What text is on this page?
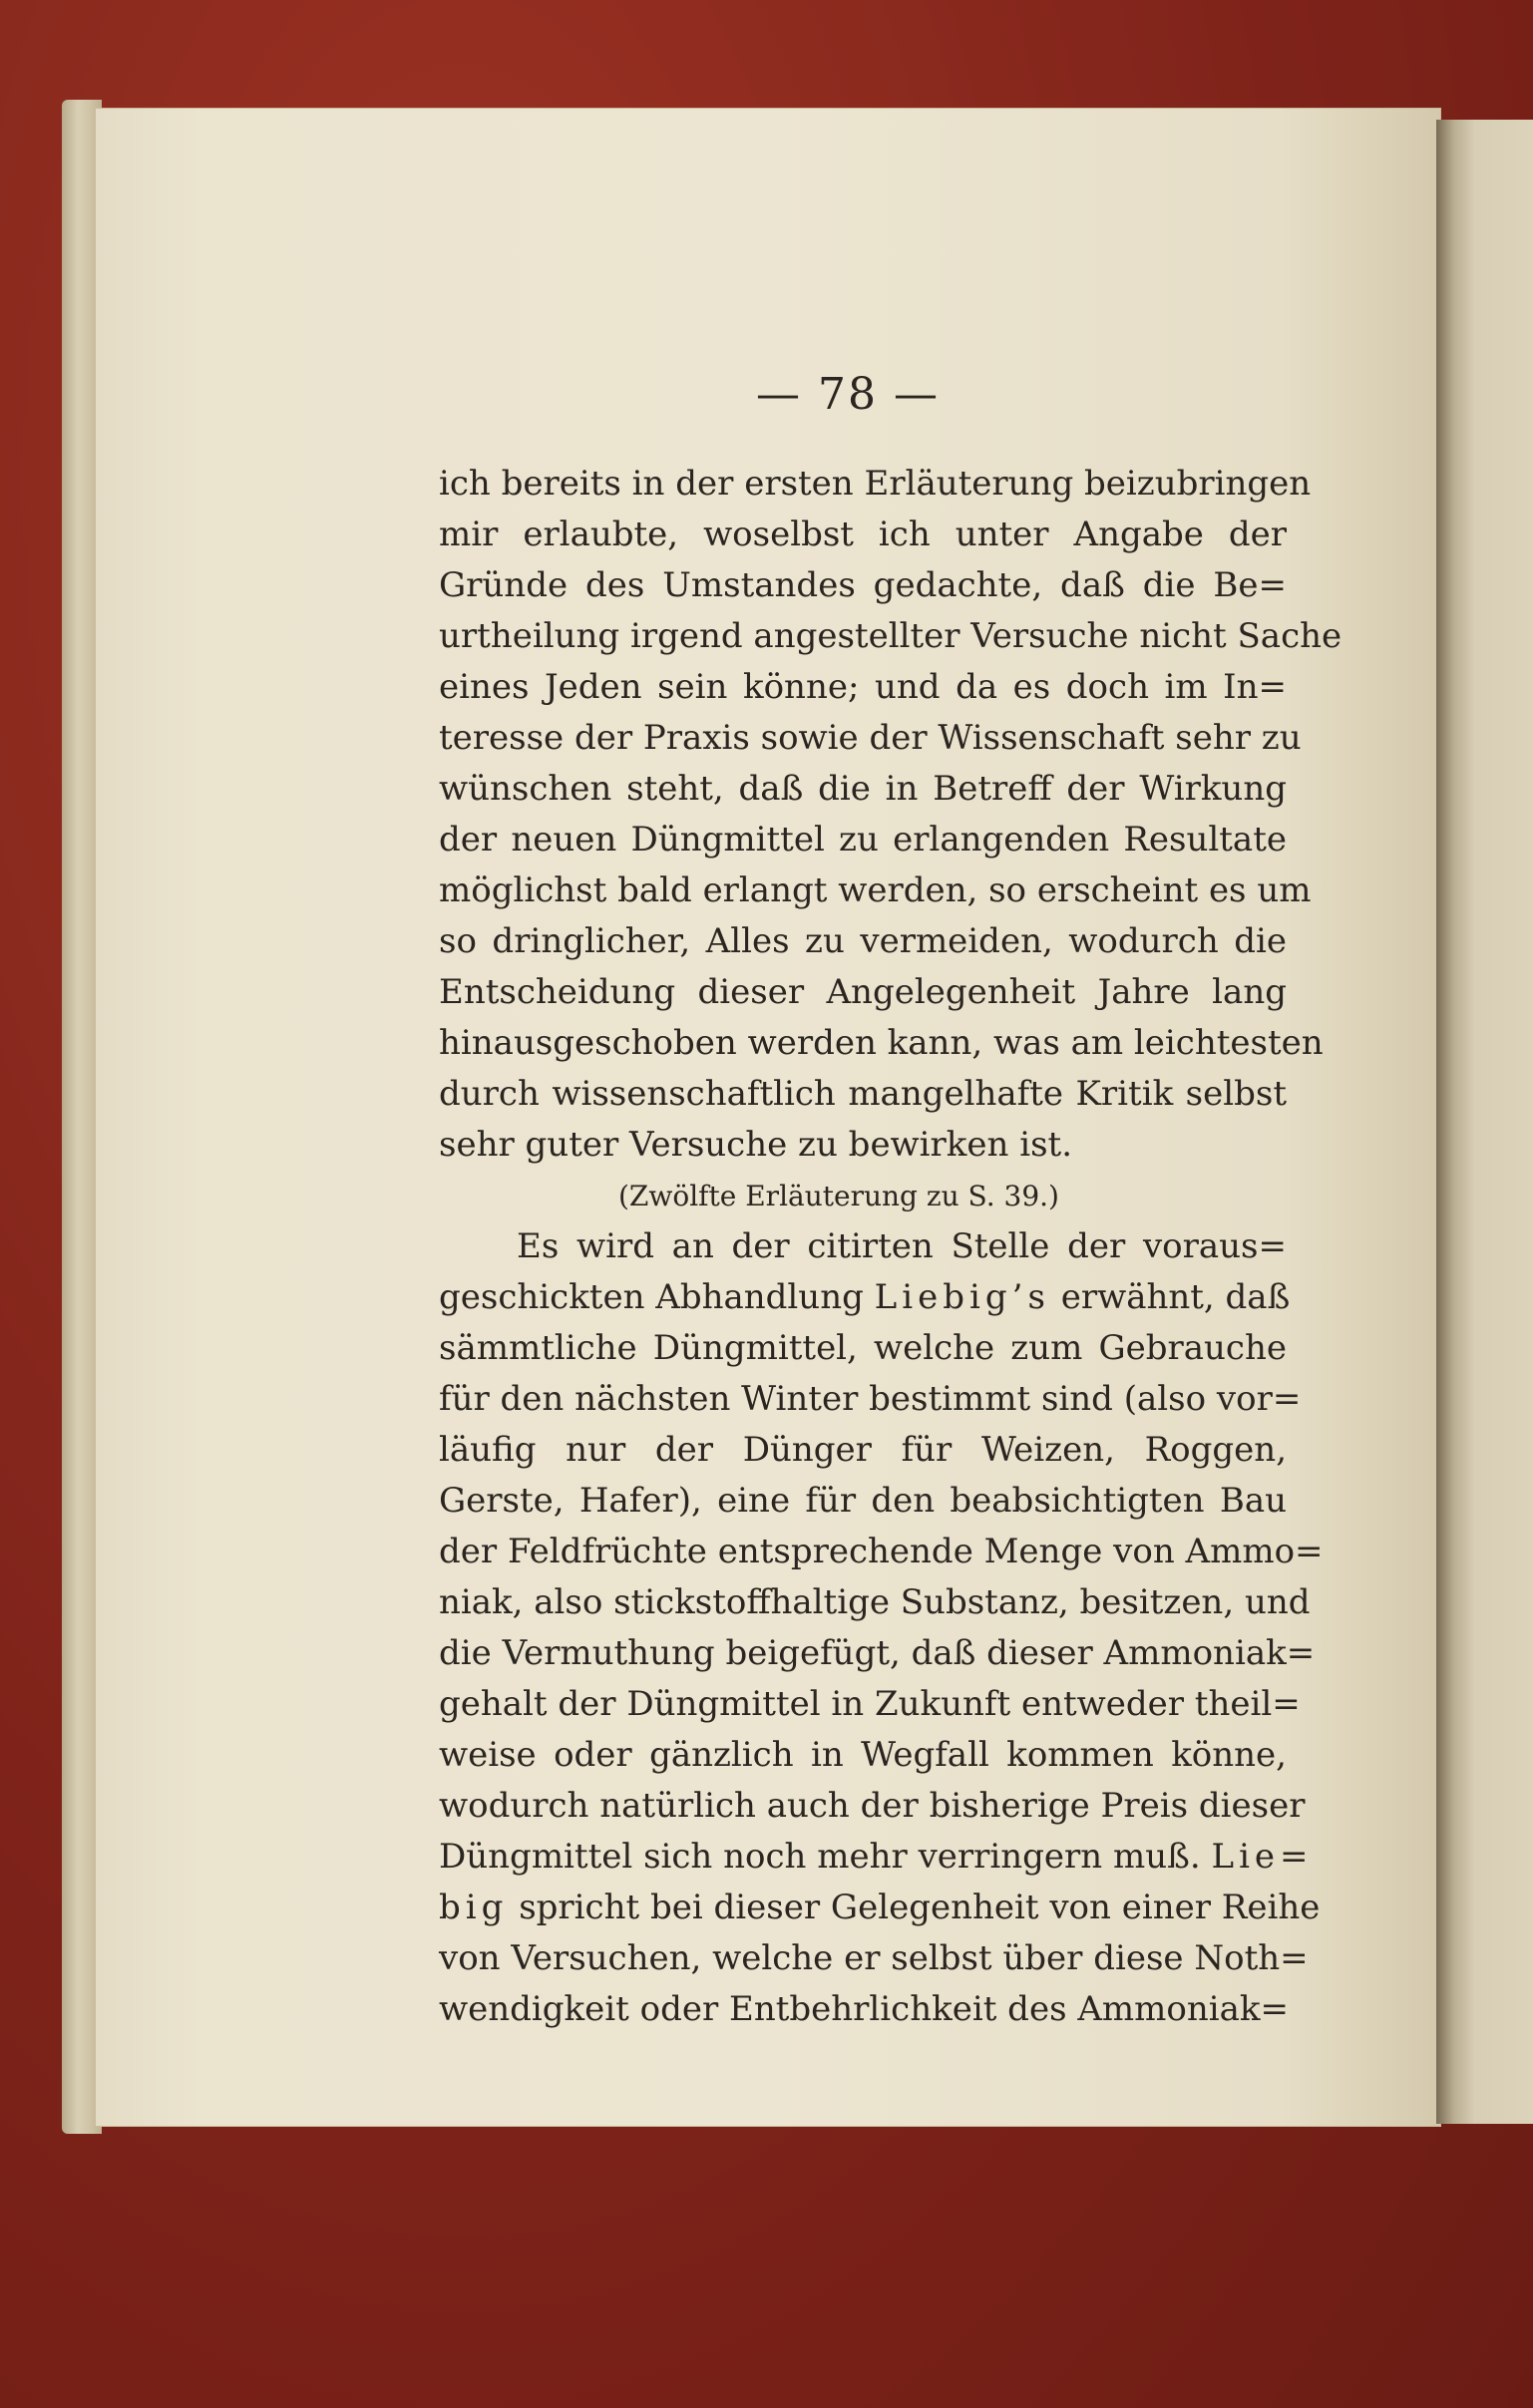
— 78 —
ich bereits in der ersten Erläuterung beizubringen
mir erlaubte, woselbst ich unter Angabe der
Gründe des Umstandes gedachte, daß die Be=
urtheilung irgend angestellter Versuche nicht Sache
eines Jeden sein könne; und da es doch im In=
teresse der Praxis sowie der Wissenschaft sehr zu
wünschen steht, daß die in Betreff der Wirkung
der neuen Düngmittel zu erlangenden Resultate
möglichst bald erlangt werden, so erscheint es um
so dringlicher, Alles zu vermeiden, wodurch die
Entscheidung dieser Angelegenheit Jahre lang
hinausgeschoben werden kann, was am leichtesten
durch wissenschaftlich mangelhafte Kritik selbst
sehr guter Versuche zu bewirken ist.
(Zwölfte Erläuterung zu S. 39.)
Es wird an der citirten Stelle der voraus=
geschickten Abhandlung Liebig’s erwähnt, daß
sämmtliche Düngmittel, welche zum Gebrauche
für den nächsten Winter bestimmt sind (also vor=
läufig nur der Dünger für Weizen, Roggen,
Gerste, Hafer), eine für den beabsichtigten Bau
der Feldfrüchte entsprechende Menge von Ammo=
niak, also stickstoffhaltige Substanz, besitzen, und
die Vermuthung beigefügt, daß dieser Ammoniak=
gehalt der Düngmittel in Zukunft entweder theil=
weise oder gänzlich in Wegfall kommen könne,
wodurch natürlich auch der bisherige Preis dieser
Düngmittel sich noch mehr verringern muß. Lie=
big spricht bei dieser Gelegenheit von einer Reihe
von Versuchen, welche er selbst über diese Noth=
wendigkeit oder Entbehrlichkeit des Ammoniak=
